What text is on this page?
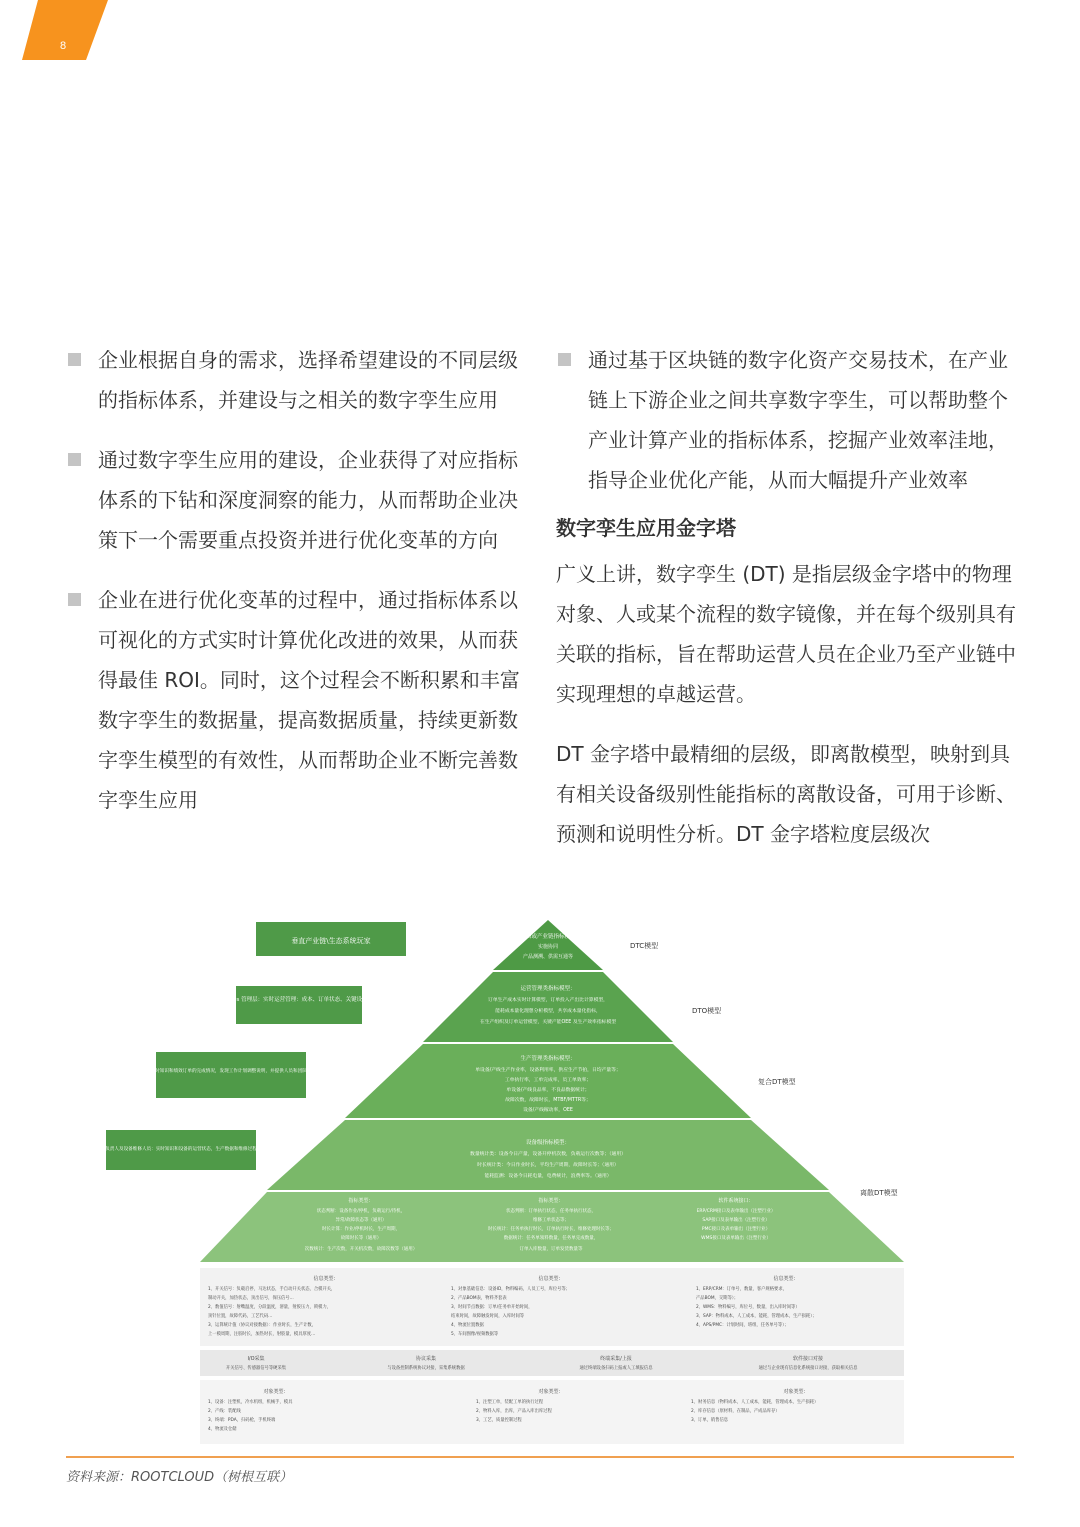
8
企业根据自身的需求，选择希望建设的不同层级的指标体系，并建设与之相关的数字孪生应用
通过数字孪生应用的建设，企业获得了对应指标体系的下钻和深度洞察的能力，从而帮助企业决策下一个需要重点投资并进行优化变革的方向
企业在进行优化变革的过程中，通过指标体系以可视化的方式实时计算优化改进的效果，从而获得最佳 ROI。同时，这个过程会不断积累和丰富数字孪生的数据量，提高数据质量，持续更新数字孪生模型的有效性，从而帮助企业不断完善数字孪生应用
通过基于区块链的数字化资产交易技术，在产业链上下游企业之间共享数字孪生，可以帮助整个产业计算产业的指标体系，挖掘产业效率洼地，指导企业优化产能，从而大幅提升产业效率
数字孪生应用金字塔
广义上讲，数字孪生 (DT) 是指层级金字塔中的物理对象、人或某个流程的数字镜像，并在每个级别具有关联的指标，旨在帮助运营人员在企业乃至产业链中实现理想的卓越运营。
DT 金字塔中最精细的层级，即离散模型，映射到具有相关设备级别性能指标的离散设备，可用于诊断、预测和说明性分析。DT 金字塔粒度层级次
垂直产业链\生态系统玩家
CXOs 管理层：实时运营管理：成本、订单状态、关键设备等
工厂管理者：实时知识和绩效订单的完成情况，发现工作计划调整说明，并提供人员和团队的日常工作绩效
车间负责人及设备维修人员：实时知识和设备的运营状态，生产数据和维修过程参数
集团或产业链指标模型
实施协同
产品测溯、供需互通等
DTC模型
运营管理类指标模型：
订单生产成本实时计算模型，订单投入产出比计算模型，
能耗成本量化理想分析模型，共享成本量化指标，
在生产组织及订单运营模型，关键产能OEE 及生产效率指标模型
DTO模型
生产管理类指标模型：
单设备/产线生产作业率，设备利用率，供应生产节拍，日均产量等；
工单执行率，工单完成率，员工单效率；
单设备/产线良品率，不良品数据统计；
故障次数，故障时长，MTBF/MTTR等；
设备/产线稼动率，OEE
复合DT模型
设备级指标模型：
数量统计类：设备今日产量，设备开停机次数，负载运行次数等；（通用）
时长统计类：今日作业时长，平均生产周期，故障时长等；（通用）
能耗监测：设备今日耗电量，电费统计，浪费率等。（通用）
离散DT模型
指标类型：
状态判断：设备作业/停机，负载运行/待机，
异常/故障状态等（通用）
时长计算：作业/停机时长，生产周期，
故障时长等（通用）
次数统计：生产次数，开关机次数，故障次数等（通用）
指标类型：
状态判断：订单执行状态，任务单执行状态，
维修工单状态等；
时长统计：任务单执行时长，订单执行时长，维修处理时长等；
数据统计：任务单领料数量，任务单完成数量，
订单入库数量，订单发货数量等
软件系统接口：
ERP/CRM接口及表单输出（注塑行业）
SAP接口及表单输出（注塑行业）
PMC接口及表单输出（注塑行业）
WMS接口及表单输出（注塑行业）
信息类型：
1、开关信号：负载启停，马达状态，手自动开关状态，合模开关，
制动开关，加热状态，顶出信号，保压信号...
2、数值信号：射嘴温度，分段温度，溶量，射胶压力，锁模力，
顶针位置，故障代码，工艺代码...
3、运算统计值（协议对接数据）：作业时长，生产计数，
上一模周期，注胶时长，加热时长，射胶量，模具厚度...
信息类型：
1、对象基础信息：设备ID，物料编码，人员工号，库位号等；
2、产品BOM表，物料齐套表
3、时间节点数据：订单/任务单开始时间，
结束时间，故障触发时间，入库时间等
4、物流位置数据
5、车间图像/视频数据等
信息类型：
1、ERP/CRM：订单号，数量，客户规格要求，
产品BOM，交期等）；
2、WMS：物料编号，库位号，数量，出入库时间等）
3、SAP：物料成本，人工成本，能耗，管理成本，生产损耗）；
4、APS/PMC：计划时间，班组，任务单号等）；
I/O采集
开关信号、传感器信号等硬采集
协议采集
与设备控制系统协议对接，采集系统数据
终端采集/上报
通过终端设备扫码上报或人工填报信息
软件接口对接
通过与企业现有信息化系统接口对接，获取相关信息
对象类型：
1、设备：注塑机，冷水机组，机械手，模具
2、产线：装配线
3、终端：PDA，扫码枪，手机终端
4、物流及仓储
对象类型：
1、注塑工单，装配工单的执行过程
2、物料入库，出库，产品入库出库过程
3、工艺，质量控制过程
对象类型：
1、财务信息（物料成本，人工成本，能耗，管理成本，生产损耗）
2、库存信息（原材料，在制品，产成品库存）
3、订单，销售信息
资料来源：ROOTCLOUD（树根互联）
